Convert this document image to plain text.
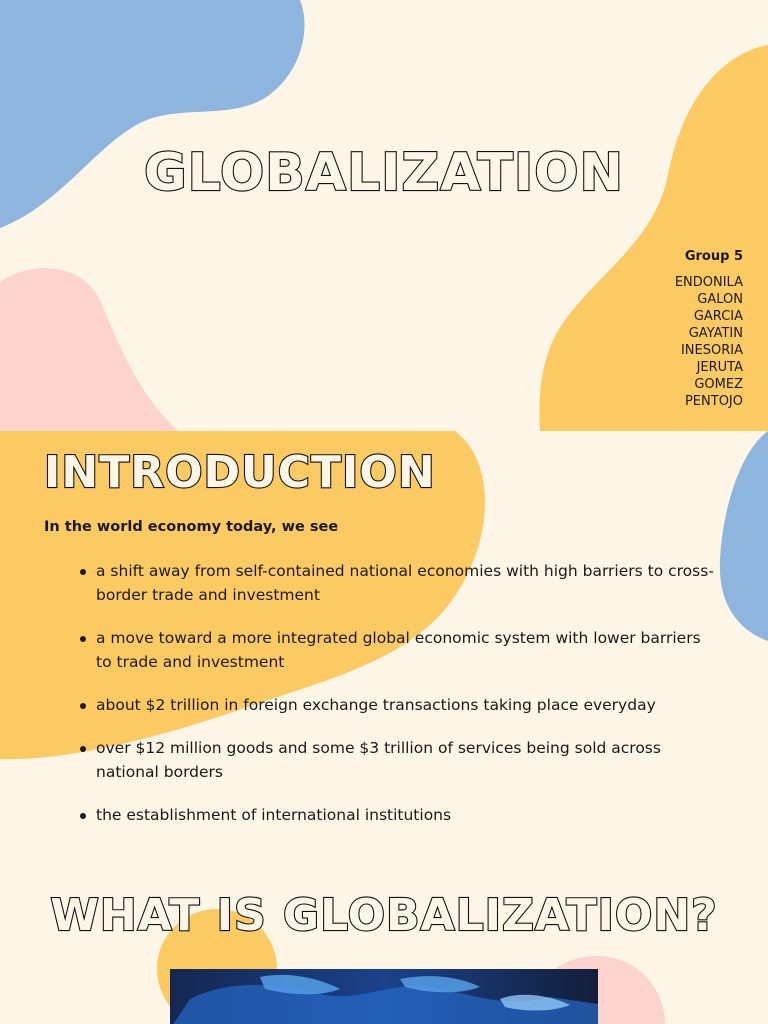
GLOBALIZATION
Group 5
ENDONILA
GALON
GARCIA
GAYATIN
INESORIA
JERUTA
GOMEZ
PENTOJO
INTRODUCTION

In the world economy today, we see

a shift away from self-contained national economies with high barriers to cross-border trade and investment
a move toward a more integrated global economic system with lower barriers to trade and investment
about $2 trillion in foreign exchange transactions taking place everyday
over $12 million goods and some $3 trillion of services being sold across national borders
the establishment of international institutions
WHAT IS GLOBALIZATION?
